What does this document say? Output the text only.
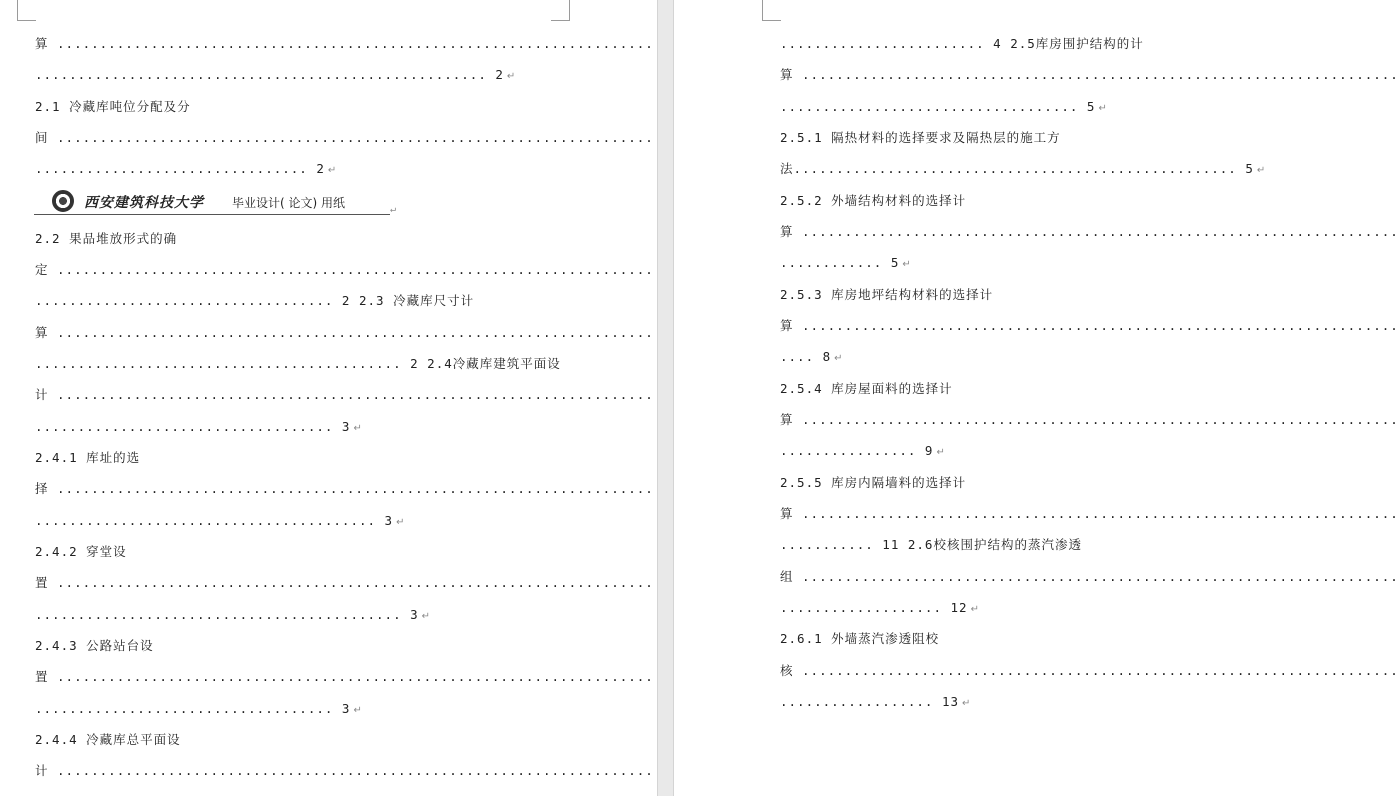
算 ......................................................................
..................................................... 2 ↵
2.1 冷藏库吨位分配及分
间 ......................................................................
................................ 2 ↵
2.2 果品堆放形式的确
定 ......................................................................
................................... 2 2.3 冷藏库尺寸计
算 ......................................................................
........................................... 2 2.4冷藏库建筑平面设
计 ......................................................................
................................... 3 ↵
2.4.1 库址的选
择 ......................................................................
........................................ 3 ↵
2.4.2 穿堂设
置 ......................................................................
........................................... 3 ↵
2.4.3 公路站台设
置 ......................................................................
................................... 3 ↵
2.4.4 冷藏库总平面设
计 ......................................................................
西安建筑科技大学 毕业设计( 论文) 用纸	↵
........................ 4 2.5库房围护结构的计
算 ......................................................................
................................... 5 ↵
2.5.1 隔热材料的选择要求及隔热层的施工方
法.................................................... 5 ↵
2.5.2 外墙结构材料的选择计
算 ......................................................................
............ 5 ↵
2.5.3 库房地坪结构材料的选择计
算 ......................................................................
.... 8 ↵
2.5.4 库房屋面料的选择计
算 ......................................................................
................ 9 ↵
2.5.5 库房内隔墙料的选择计
算 ......................................................................
........... 11 2.6校核围护结构的蒸汽渗透
组 ......................................................................
................... 12 ↵
2.6.1 外墙蒸汽渗透阻校
核 ......................................................................
.................. 13 ↵
